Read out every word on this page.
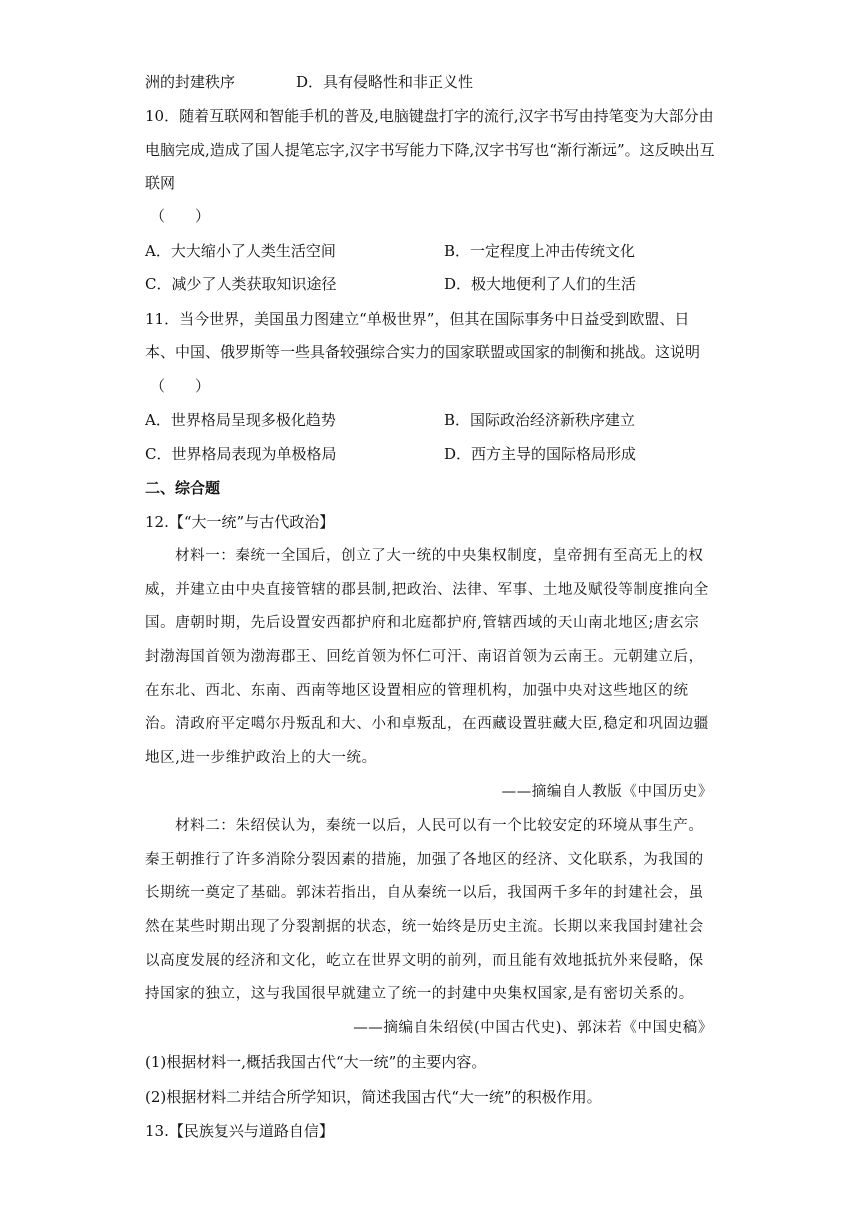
洲的封建秩序	D．具有侵略性和非正义性
10．随着互联网和智能手机的普及,电脑键盘打字的流行,汉字书写由持笔变为大部分由
电脑完成,造成了国人提笔忘字,汉字书写能力下降,汉字书写也“渐行渐远”。这反映出互
联网
（　　）
A．大大缩小了人类生活空间	B．一定程度上冲击传统文化
C．减少了人类获取知识途径	D．极大地便利了人们的生活
11．当今世界，美国虽力图建立“单极世界”，但其在国际事务中日益受到欧盟、日
本、中国、俄罗斯等一些具备较强综合实力的国家联盟或国家的制衡和挑战。这说明
（　　）
A．世界格局呈现多极化趋势	B．国际政治经济新秩序建立
C．世界格局表现为单极格局	D．西方主导的国际格局形成
二、综合题
12.【“大一统”与古代政治】
材料一：秦统一全国后，创立了大一统的中央集权制度，皇帝拥有至高无上的权
威，并建立由中央直接管辖的郡县制,把政治、法律、军事、土地及赋役等制度推向全
国。唐朝时期，先后设置安西都护府和北庭都护府,管辖西域的天山南北地区;唐玄宗
封渤海国首领为渤海郡王、回纥首领为怀仁可汗、南诏首领为云南王。元朝建立后，
在东北、西北、东南、西南等地区设置相应的管理机构，加强中央对这些地区的统
治。清政府平定噶尔丹叛乱和大、小和卓叛乱，在西藏设置驻藏大臣,稳定和巩固边疆
地区,进一步维护政治上的大一统。
——摘编自人教版《中国历史》
材料二：朱绍侯认为，秦统一以后，人民可以有一个比较安定的环境从事生产。
秦王朝推行了许多消除分裂因素的措施，加强了各地区的经济、文化联系，为我国的
长期统一奠定了基础。郭沫若指出，自从秦统一以后，我国两千多年的封建社会，虽
然在某些时期出现了分裂割据的状态，统一始终是历史主流。长期以来我国封建社会
以高度发展的经济和文化，屹立在世界文明的前列，而且能有效地抵抗外来侵略，保
持国家的独立，这与我国很早就建立了统一的封建中央集权国家,是有密切关系的。
——摘编自朱绍侯(中国古代史)、郭沫若《中国史稿》
(1)根据材料一,概括我国古代“大一统”的主要内容。
(2)根据材料二并结合所学知识，简述我国古代“大一统”的积极作用。
13.【民族复兴与道路自信】
